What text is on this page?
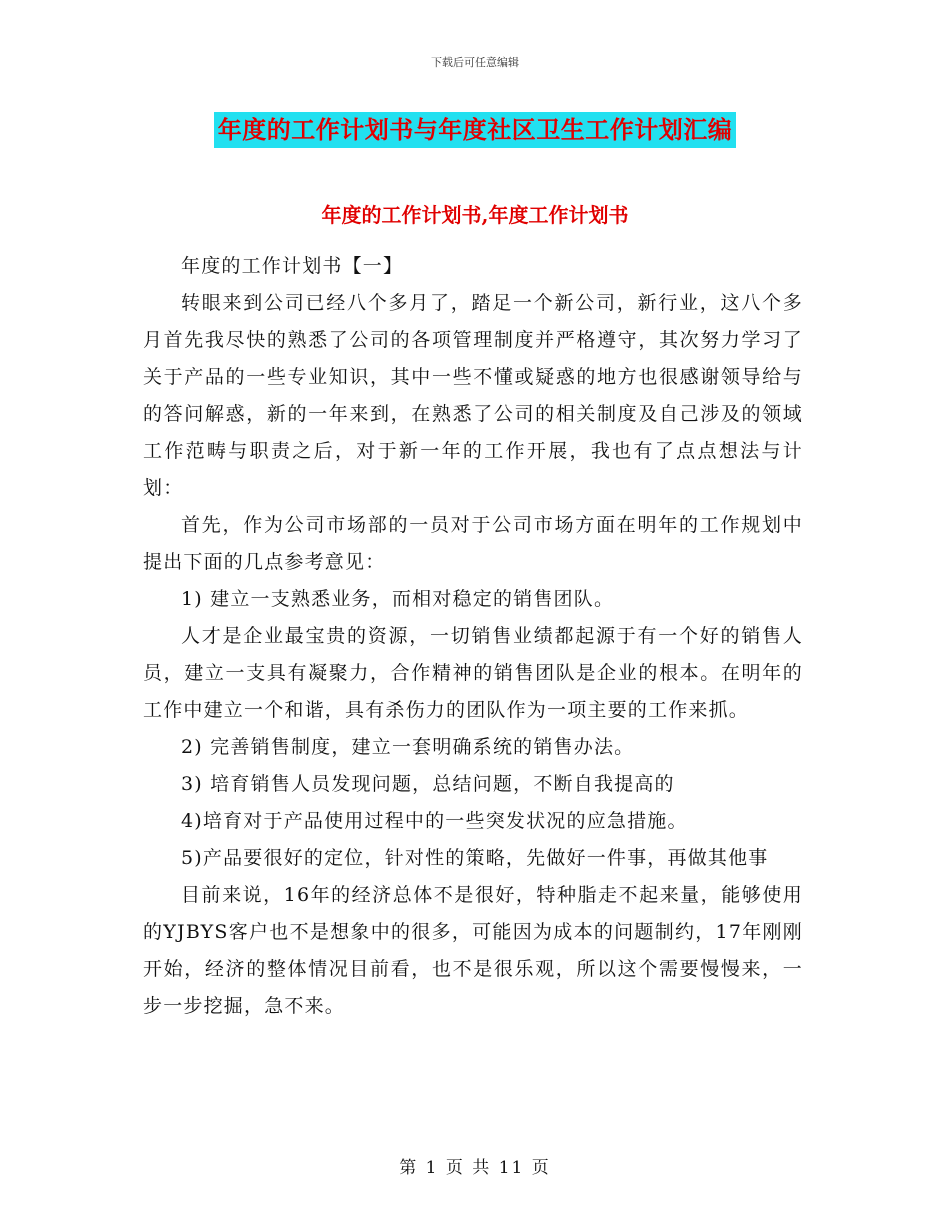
下载后可任意编辑
年度的工作计划书与年度社区卫生工作计划汇编
年度的工作计划书,年度工作计划书

年度的工作计划书【一】

转眼来到公司已经八个多月了，踏足一个新公司，新行业，这八个多月首先我尽快的熟悉了公司的各项管理制度并严格遵守，其次努力学习了关于产品的一些专业知识，其中一些不懂或疑惑的地方也很感谢领导给与的答问解惑，新的一年来到，在熟悉了公司的相关制度及自己涉及的领域工作范畴与职责之后，对于新一年的工作开展，我也有了点点想法与计划：

首先，作为公司市场部的一员对于公司市场方面在明年的工作规划中提出下面的几点参考意见：

1) 建立一支熟悉业务，而相对稳定的销售团队。

人才是企业最宝贵的资源，一切销售业绩都起源于有一个好的销售人员，建立一支具有凝聚力，合作精神的销售团队是企业的根本。在明年的工作中建立一个和谐，具有杀伤力的团队作为一项主要的工作来抓。

2) 完善销售制度，建立一套明确系统的销售办法。

3) 培育销售人员发现问题，总结问题，不断自我提高的

4)培育对于产品使用过程中的一些突发状况的应急措施。

5)产品要很好的定位，针对性的策略，先做好一件事，再做其他事

目前来说，16年的经济总体不是很好，特种脂走不起来量，能够使用的YJBYS客户也不是想象中的很多，可能因为成本的问题制约，17年刚刚开始，经济的整体情况目前看，也不是很乐观，所以这个需要慢慢来，一步一步挖掘，急不来。

第 1 页 共 11 页
